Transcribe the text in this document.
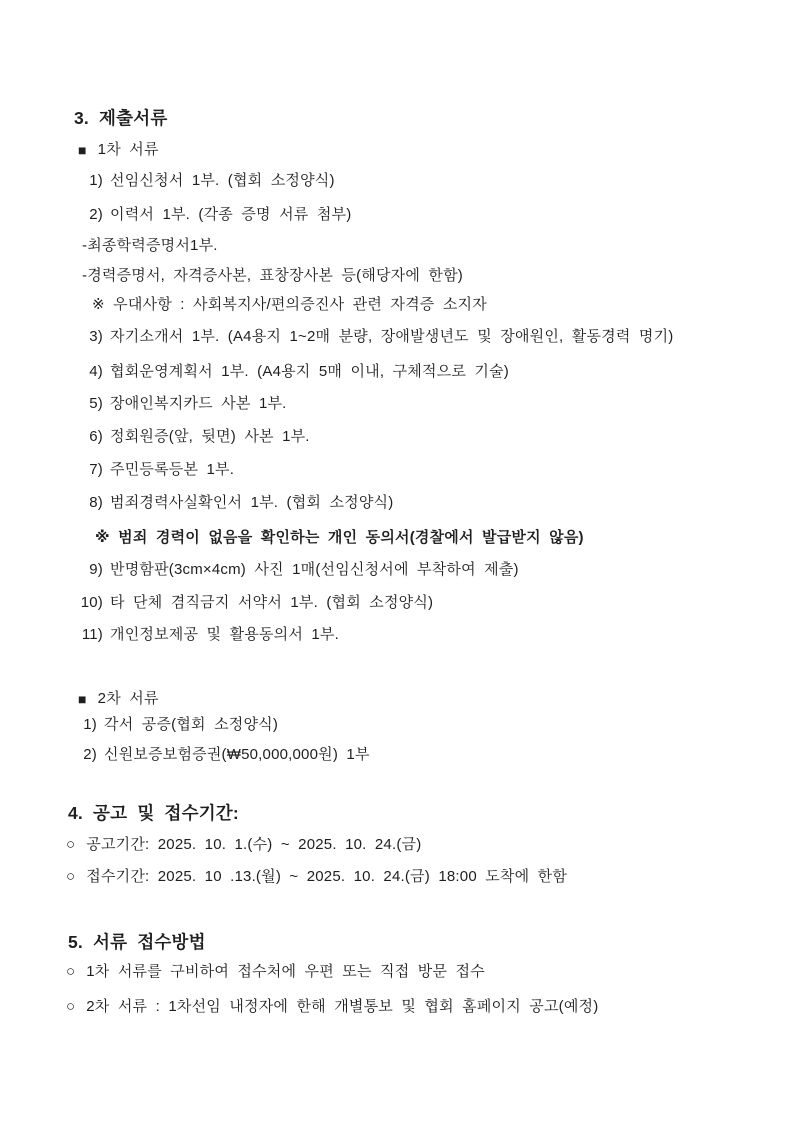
3. 제출서류
■ 1차 서류
1) 선임신청서 1부. (협회 소정양식)
2) 이력서 1부. (각종 증명 서류 첨부)
-최종학력증명서1부.
-경력증명서, 자격증사본, 표창장사본 등(해당자에 한함)
※ 우대사항 : 사회복지사/편의증진사 관련 자격증 소지자
3) 자기소개서 1부. (A4용지 1~2매 분량, 장애발생년도 및 장애원인, 활동경력 명기)
4) 협회운영계획서 1부. (A4용지 5매 이내, 구체적으로 기술)
5) 장애인복지카드 사본 1부.
6) 정회원증(앞, 뒷면) 사본 1부.
7) 주민등록등본 1부.
8) 범죄경력사실확인서 1부. (협회 소정양식)
※ 범죄 경력이 없음을 확인하는 개인 동의서(경찰에서 발급받지 않음)
9) 반명함판(3cm×4cm) 사진 1매(선임신청서에 부착하여 제출)
10) 타 단체 겸직금지 서약서 1부. (협회 소정양식)
11) 개인정보제공 및 활용동의서 1부.
■ 2차 서류
1) 각서 공증(협회 소정양식)
2) 신원보증보험증권(₩50,000,000원) 1부
4. 공고 및 접수기간:
○ 공고기간: 2025. 10. 1.(수) ~ 2025. 10. 24.(금)
○ 접수기간: 2025. 10 .13.(월) ~ 2025. 10. 24.(금) 18:00 도착에 한함
5. 서류 접수방법
○ 1차 서류를 구비하여 접수처에 우편 또는 직접 방문 접수
○ 2차 서류 : 1차선임 내정자에 한해 개별통보 및 협회 홈페이지 공고(예정)
